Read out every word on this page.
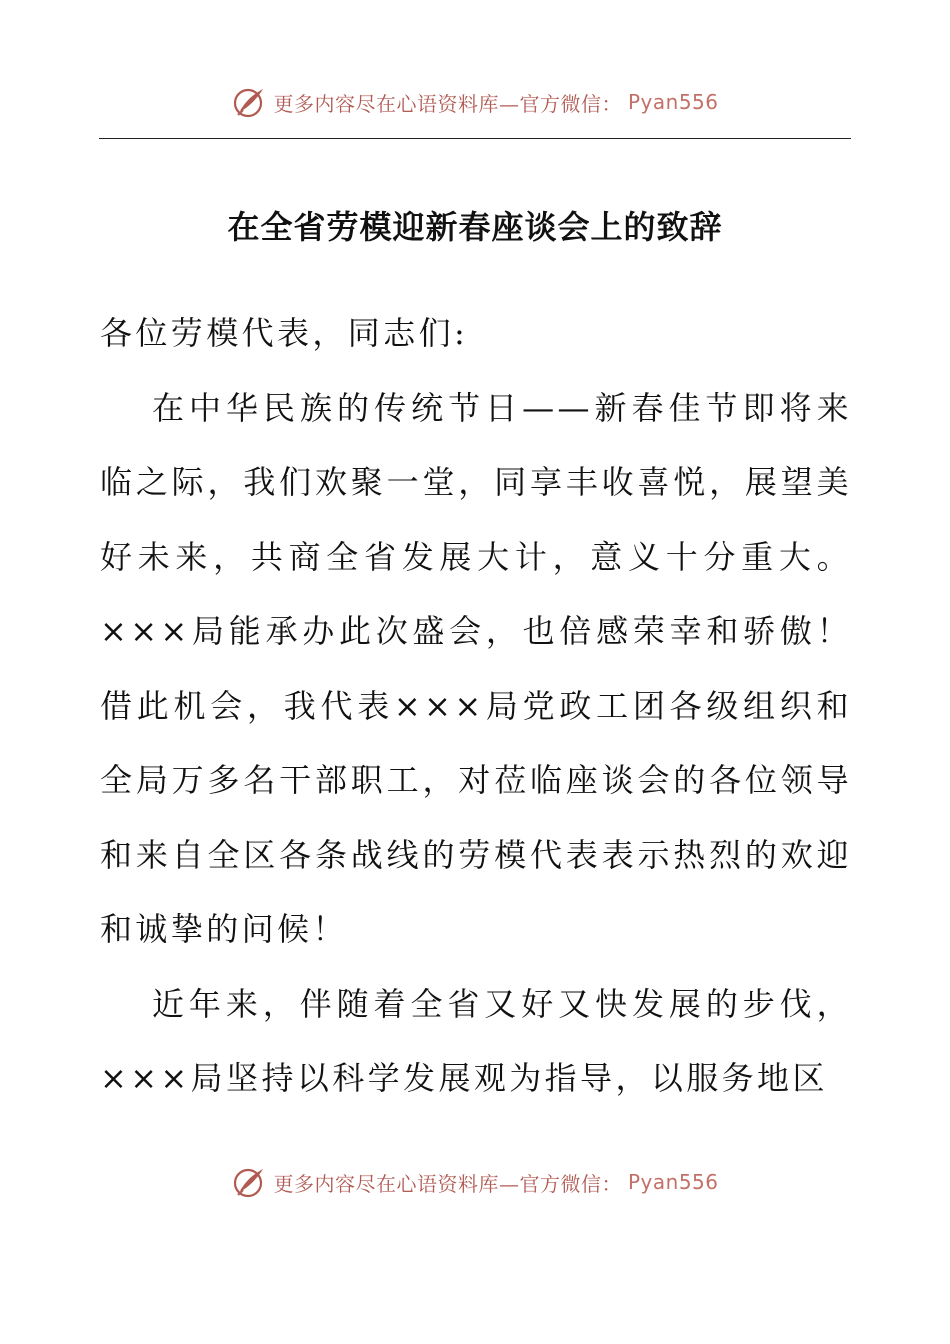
更多内容尽在心语资料库—官方微信： Pyan556
在全省劳模迎新春座谈会上的致辞

各位劳模代表，同志们:

在中华民族的传统节日——新春佳节即将来临之际，我们欢聚一堂，同享丰收喜悦，展望美好未来，共商全省发展大计，意义十分重大。×××局能承办此次盛会，也倍感荣幸和骄傲！借此机会，我代表×××局党政工团各级组织和全局万多名干部职工，对莅临座谈会的各位领导和来自全区各条战线的劳模代表表示热烈的欢迎和诚挚的问候！

近年来，伴随着全省又好又快发展的步伐，×××局坚持以科学发展观为指导，以服务地区

更多内容尽在心语资料库—官方微信： Pyan556
